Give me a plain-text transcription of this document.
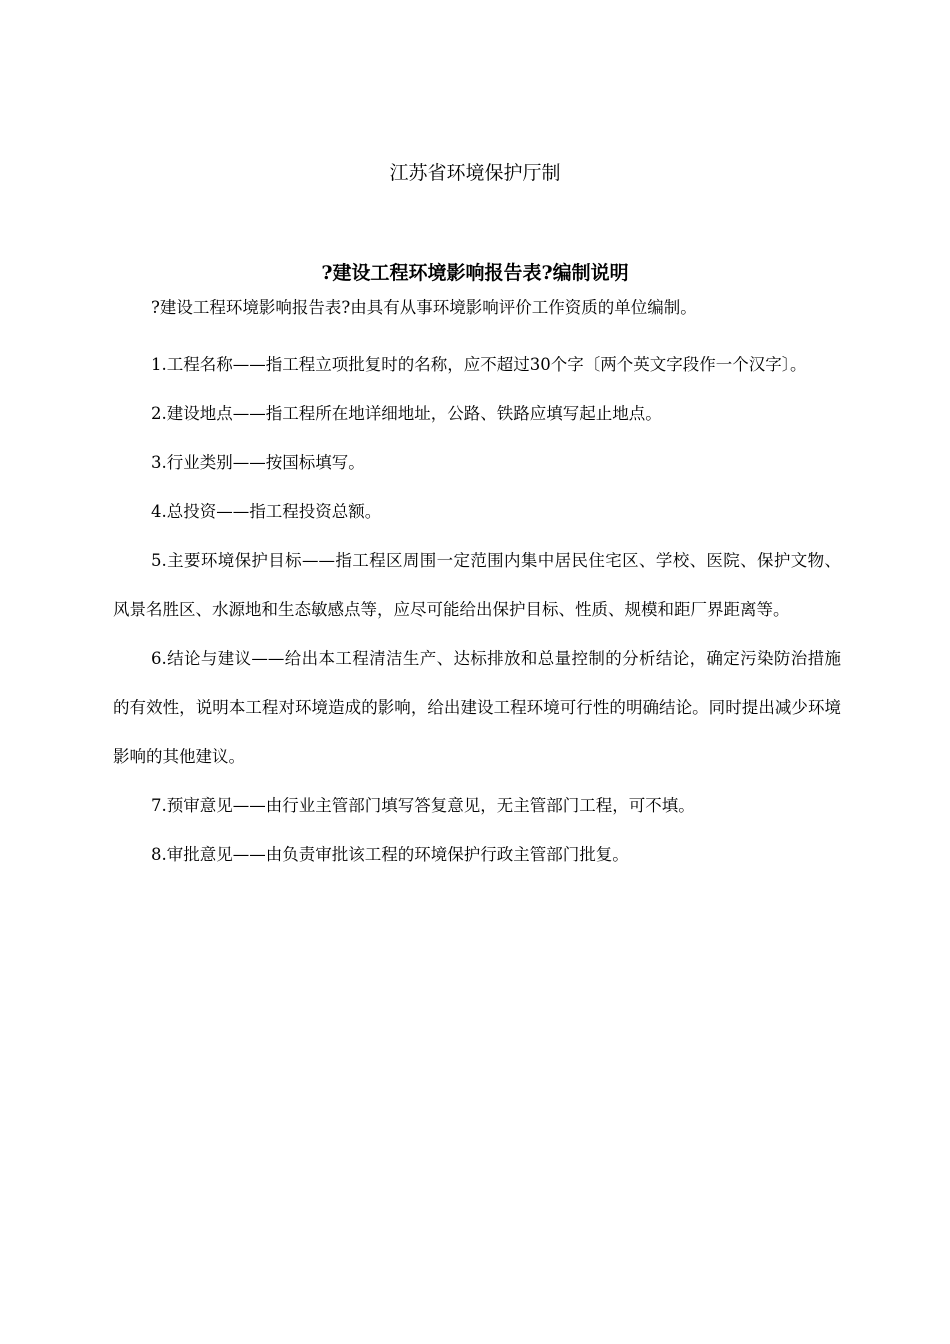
江苏省环境保护厅制
?建设工程环境影响报告表?编制说明

?建设工程环境影响报告表?由具有从事环境影响评价工作资质的单位编制。

1.工程名称——指工程立项批复时的名称，应不超过30个字〔两个英文字段作一个汉字〕。

2.建设地点——指工程所在地详细地址，公路、铁路应填写起止地点。

3.行业类别——按国标填写。

4.总投资——指工程投资总额。

5.主要环境保护目标——指工程区周围一定范围内集中居民住宅区、学校、医院、保护文物、风景名胜区、水源地和生态敏感点等，应尽可能给出保护目标、性质、规模和距厂界距离等。

6.结论与建议——给出本工程清洁生产、达标排放和总量控制的分析结论，确定污染防治措施的有效性，说明本工程对环境造成的影响，给出建设工程环境可行性的明确结论。同时提出减少环境影响的其他建议。

7.预审意见——由行业主管部门填写答复意见，无主管部门工程，可不填。

8.审批意见——由负责审批该工程的环境保护行政主管部门批复。
